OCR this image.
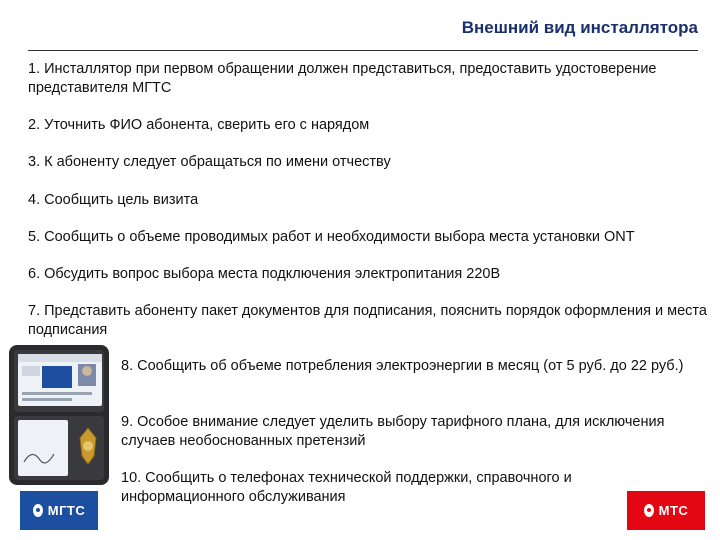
Внешний вид инсталлятора
1. Инсталлятор при первом обращении должен представиться, предоставить удостоверение представителя МГТС
2. Уточнить ФИО абонента, сверить его с нарядом
3. К абоненту следует обращаться по имени отчеству
4. Сообщить цель визита
5. Сообщить о объеме проводимых работ и необходимости выбора места установки ONT
6. Обсудить вопрос выбора места подключения электропитания 220В
7. Представить абоненту пакет документов для подписания, пояснить порядок оформления и места подписания
8. Сообщить об объеме потребления электроэнергии в месяц (от 5 руб. до 22 руб.)
9. Особое внимание следует уделить выбору тарифного плана, для исключения случаев необоснованных претензий
10. Сообщить о телефонах технической поддержки, справочного и информационного обслуживания
МГТС	МТС
